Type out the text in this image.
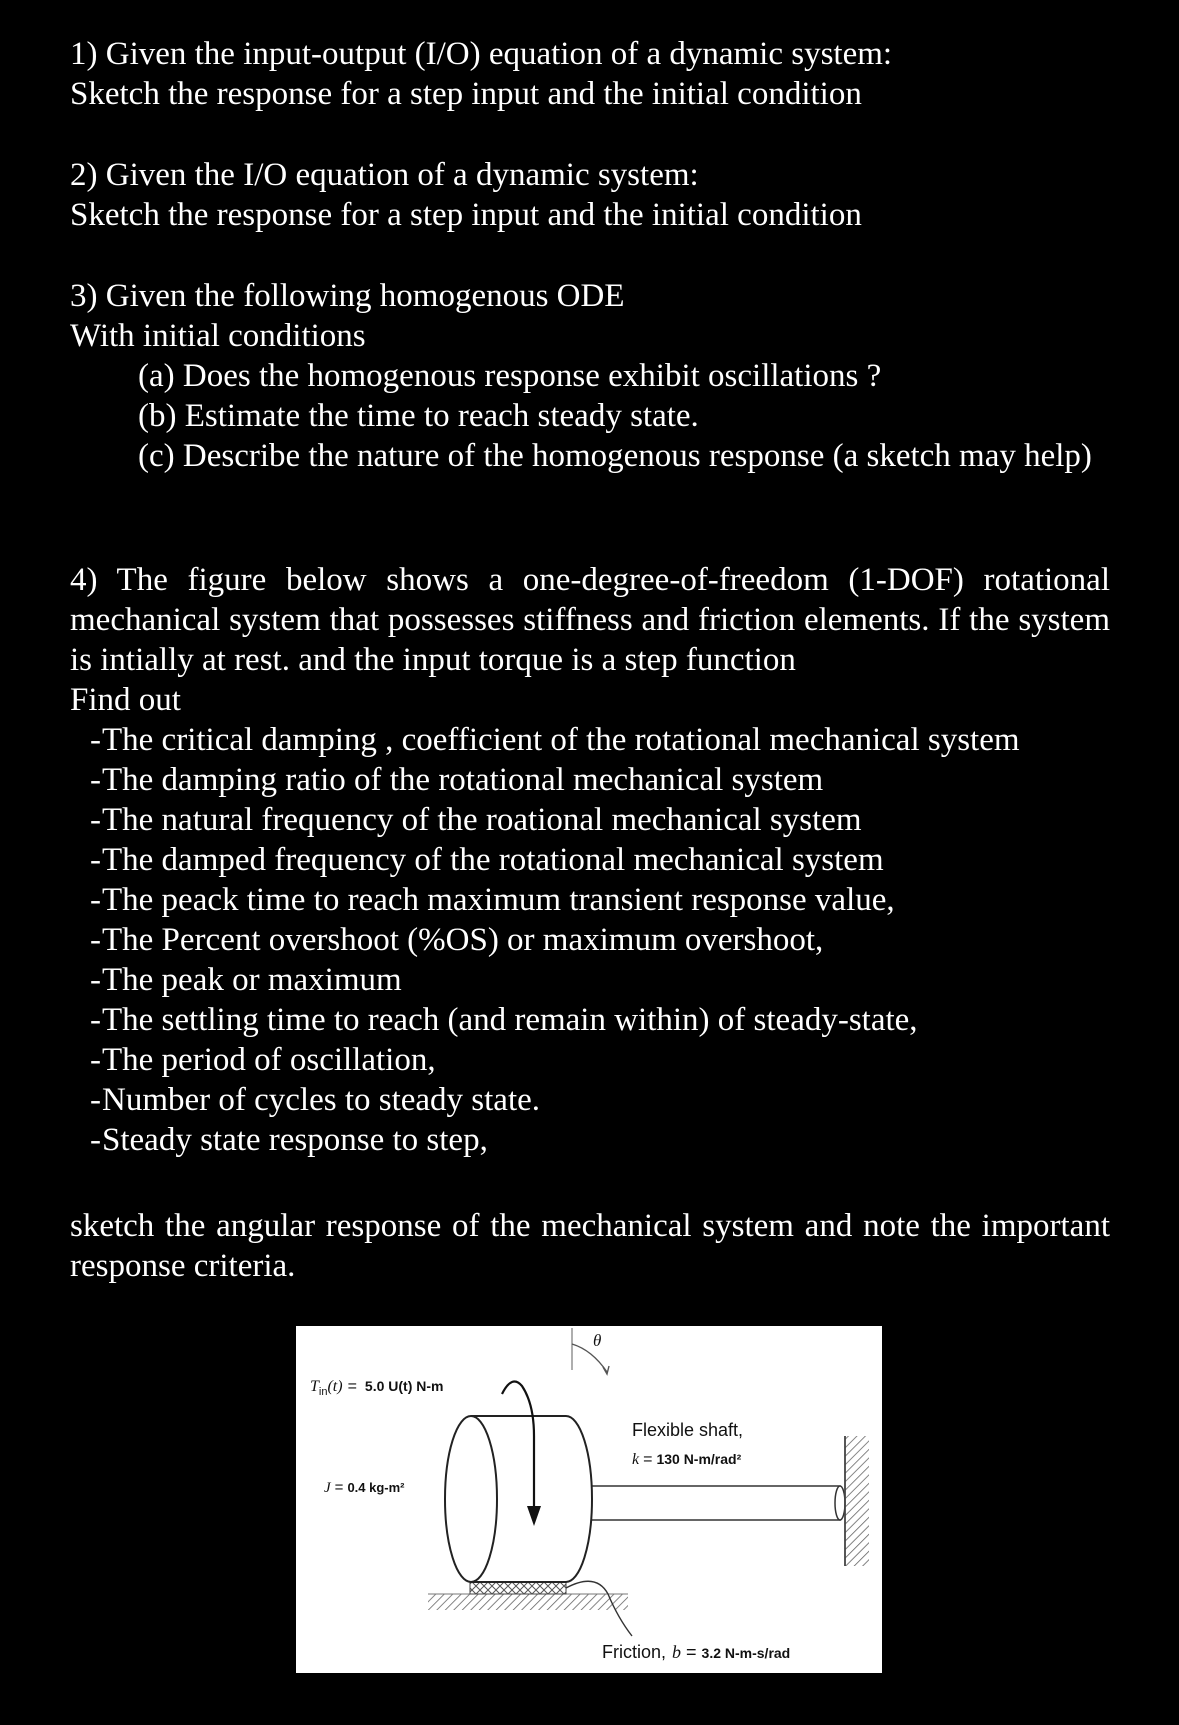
1) Given the input-output (I/O) equation of a dynamic system:
Sketch the response for a step input and the initial condition
2) Given the I/O equation of a dynamic system:
Sketch the response for a step input and the initial condition
3) Given the following homogenous ODE
With initial conditions
(a) Does the homogenous response exhibit oscillations ?
(b) Estimate the time to reach steady state.
(c) Describe the nature of the homogenous response (a sketch may help)
4) The figure below shows a one-degree-of-freedom (1-DOF) rotational mechanical system that possesses stiffness and friction elements. If the system is intially at rest. and the input torque is a step function
Find out
- The critical damping , coefficient of the rotational mechanical system
- The damping ratio of the rotational mechanical system
- The natural frequency of the roational mechanical system
- The damped frequency of the rotational mechanical system
- The peack time to reach maximum transient response value,
- The Percent overshoot (%OS) or maximum overshoot,
- The peak or maximum
- The settling time to reach (and remain within) of steady-state,
- The period of oscillation,
- Number of cycles to steady state.
- Steady state response to step,
sketch the angular response of the mechanical system and note the important response criteria.
θ
$T_{in}(t) = 5.0$ U(t) N-m
J = 0.4 kg-m²
Flexible shaft,
k = 130 N-m/rad²
Friction, b = 3.2 N-m-s/rad
